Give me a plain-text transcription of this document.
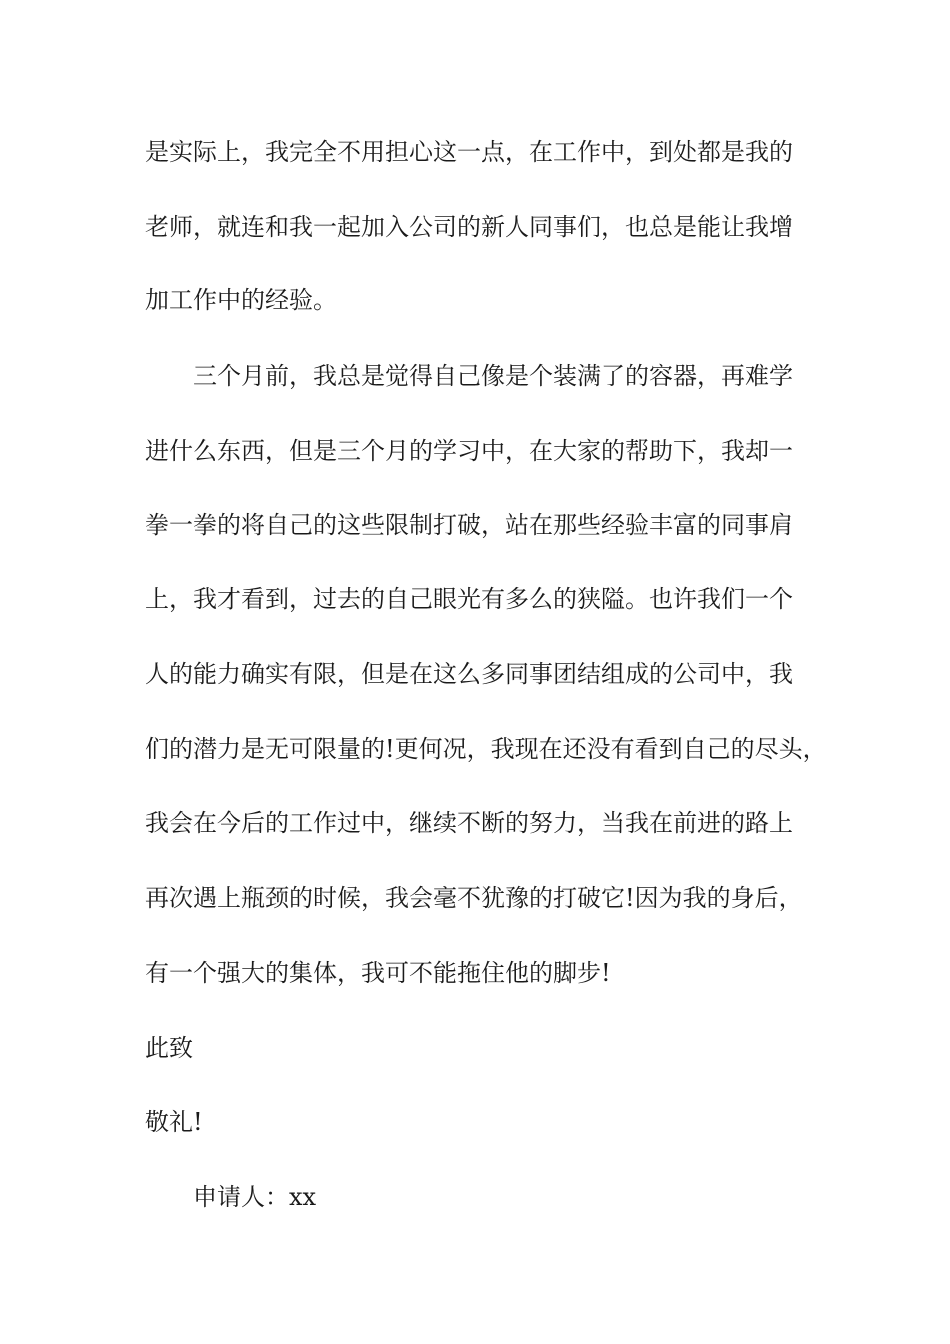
是实际上，我完全不用担心这一点，在工作中，到处都是我的

老师，就连和我一起加入公司的新人同事们，也总是能让我增

加工作中的经验。

三个月前，我总是觉得自己像是个装满了的容器，再难学

进什么东西，但是三个月的学习中，在大家的帮助下，我却一

拳一拳的将自己的这些限制打破，站在那些经验丰富的同事肩

上，我才看到，过去的自己眼光有多么的狭隘。也许我们一个

人的能力确实有限，但是在这么多同事团结组成的公司中，我

们的潜力是无可限量的!更何况，我现在还没有看到自己的尽头，

我会在今后的工作过中，继续不断的努力，当我在前进的路上

再次遇上瓶颈的时候，我会毫不犹豫的打破它!因为我的身后，

有一个强大的集体，我可不能拖住他的脚步!

此致

敬礼!

申请人：xx
